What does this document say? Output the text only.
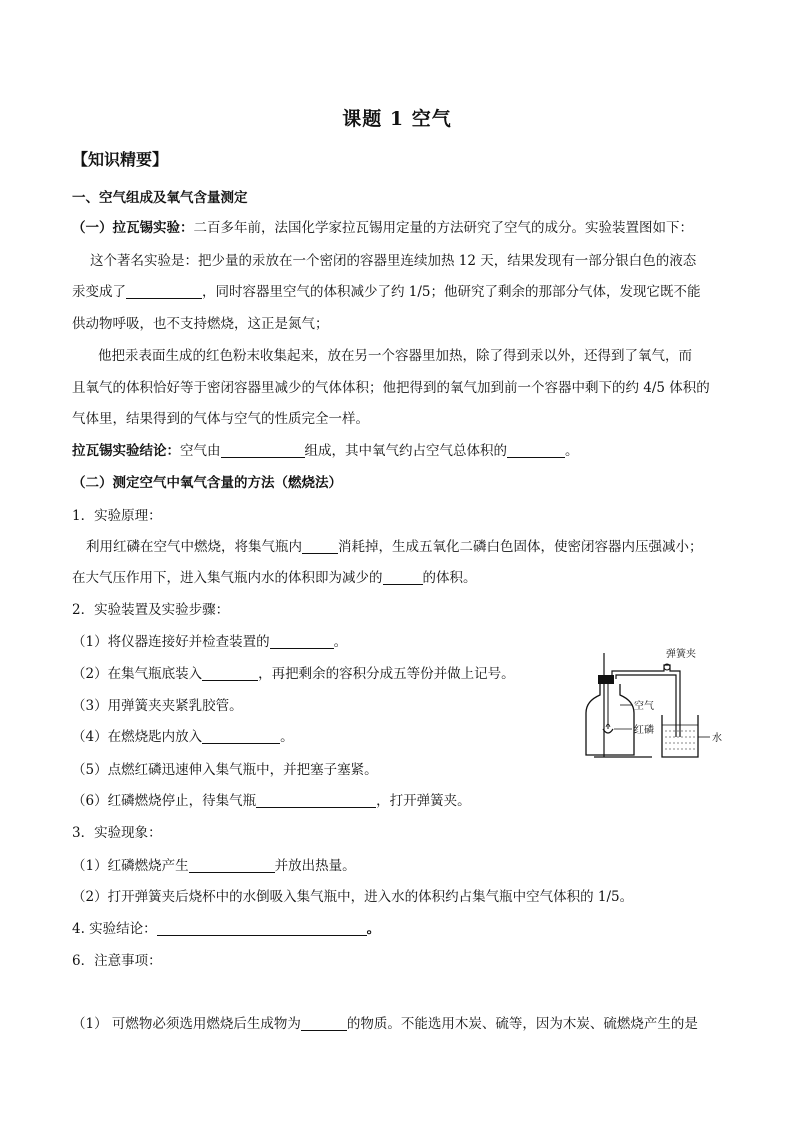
课题 1 空气
【知识精要】
一、空气组成及氧气含量测定
（一）拉瓦锡实验：二百多年前，法国化学家拉瓦锡用定量的方法研究了空气的成分。实验装置图如下：
这个著名实验是：把少量的汞放在一个密闭的容器里连续加热 12 天，结果发现有一部分银白色的液态
汞变成了	，同时容器里空气的体积减少了约 1/5；他研究了剩余的那部分气体，发现它既不能
供动物呼吸，也不支持燃烧，这正是氮气；
他把汞表面生成的红色粉末收集起来，放在另一个容器里加热，除了得到汞以外，还得到了氧气，而
且氧气的体积恰好等于密闭容器里减少的气体体积；他把得到的氧气加到前一个容器中剩下的约 4/5 体积的
气体里，结果得到的气体与空气的性质完全一样。
拉瓦锡实验结论：空气由	组成，其中氧气约占空气总体积的	。
（二）测定空气中氧气含量的方法（燃烧法）
1．实验原理：
利用红磷在空气中燃烧，将集气瓶内	消耗掉，生成五氧化二磷白色固体，使密闭容器内压强减小；
在大气压作用下，进入集气瓶内水的体积即为减少的	的体积。
2．实验装置及实验步骤：
（1）将仪器连接好并检查装置的	。
（2）在集气瓶底装入	，再把剩余的容积分成五等份并做上记号。
（3）用弹簧夹夹紧乳胶管。
（4）在燃烧匙内放入	。
（5）点燃红磷迅速伸入集气瓶中，并把塞子塞紧。
（6）红磷燃烧停止，待集气瓶	，打开弹簧夹。
3．实验现象：
（1）红磷燃烧产生	并放出热量。
（2）打开弹簧夹后烧杯中的水倒吸入集气瓶中，进入水的体积约占集气瓶中空气体积的 1/5。
4. 实验结论：	。
6．注意事项：
（1） 可燃物必须选用燃烧后生成物为	的物质。不能选用木炭、硫等，因为木炭、硫燃烧产生的是
弹簧夹
空气
红磷
水
